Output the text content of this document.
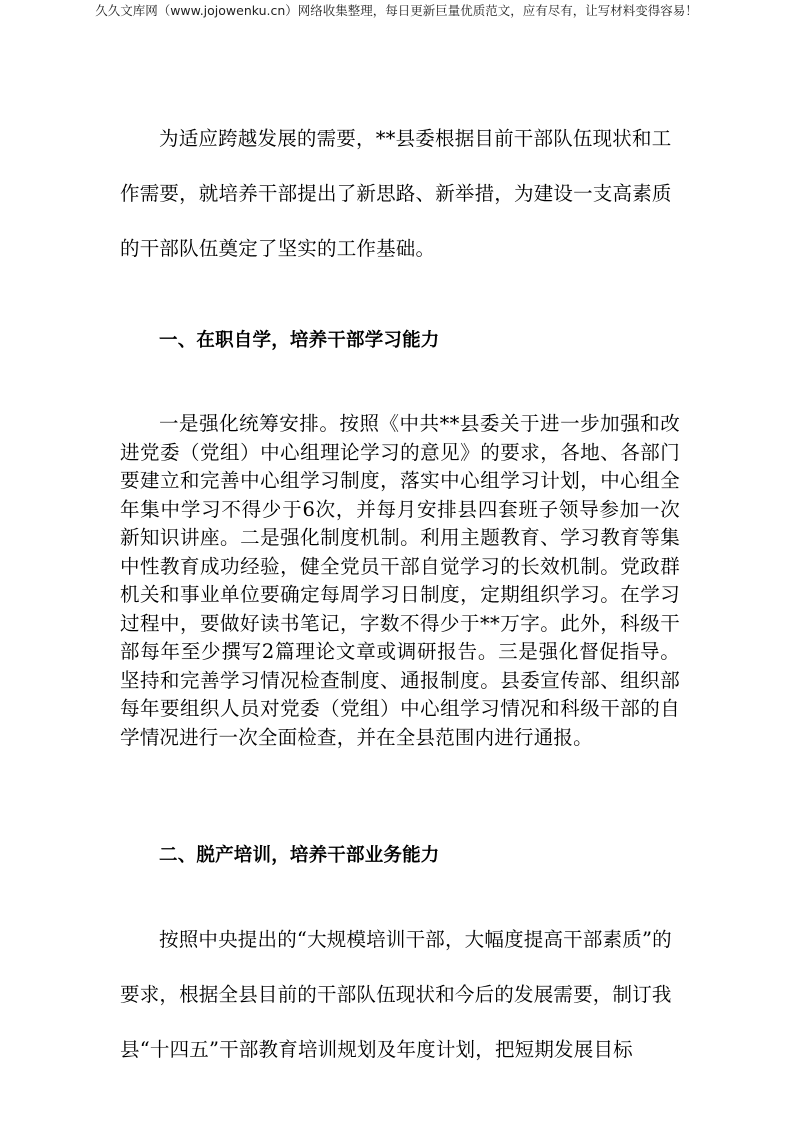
久久文库网（www.jojowenku.cn）网络收集整理，每日更新巨量优质范文，应有尽有，让写材料变得容易！

为适应跨越发展的需要，**县委根据目前干部队伍现状和工作需要，就培养干部提出了新思路、新举措，为建设一支高素质的干部队伍奠定了坚实的工作基础。

一、在职自学，培养干部学习能力

一是强化统筹安排。按照《中共**县委关于进一步加强和改进党委（党组）中心组理论学习的意见》的要求，各地、各部门要建立和完善中心组学习制度，落实中心组学习计划，中心组全年集中学习不得少于6次，并每月安排县四套班子领导参加一次新知识讲座。二是强化制度机制。利用主题教育、学习教育等集中性教育成功经验，健全党员干部自觉学习的长效机制。党政群机关和事业单位要确定每周学习日制度，定期组织学习。在学习过程中，要做好读书笔记，字数不得少于**万字。此外，科级干部每年至少撰写2篇理论文章或调研报告。三是强化督促指导。坚持和完善学习情况检查制度、通报制度。县委宣传部、组织部每年要组织人员对党委（党组）中心组学习情况和科级干部的自学情况进行一次全面检查，并在全县范围内进行通报。

二、脱产培训，培养干部业务能力

按照中央提出的“大规模培训干部，大幅度提高干部素质”的要求，根据全县目前的干部队伍现状和今后的发展需要，制订我县“十四五”干部教育培训规划及年度计划，把短期发展目标
